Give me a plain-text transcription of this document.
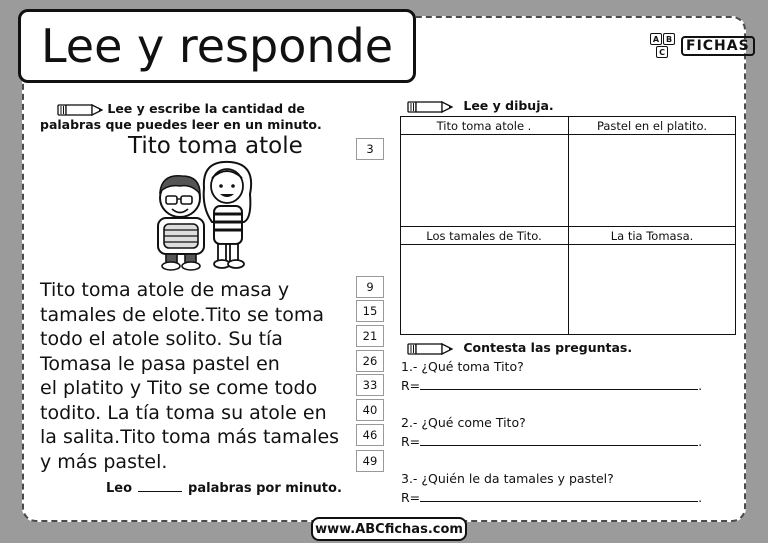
Lee y responde	A B
C	FICHAS
Lee y escribe la cantidad de
palabras que puedes leer en un minuto.
Tito toma atole	3
Tito toma atole de masa y
tamales de elote.Tito se toma
todo el atole solito. Su tía
Tomasa le pasa pastel en
el platito y Tito se come todo
todito. La tía toma su atole en
la salita.Tito toma más tamales
y más pastel.
9
15
21
26
33
40
46
49
Leo	palabras por minuto.
Lee y dibuja.
Tito toma atole .	Pastel en el platito.
Los tamales de Tito.	La tia Tomasa.
Contesta las preguntas.
1.- ¿Qué toma Tito?
R=	.
2.- ¿Qué come Tito?
R=	.
3.- ¿Quién le da tamales y pastel?
R=	.
www.ABCfichas.com
